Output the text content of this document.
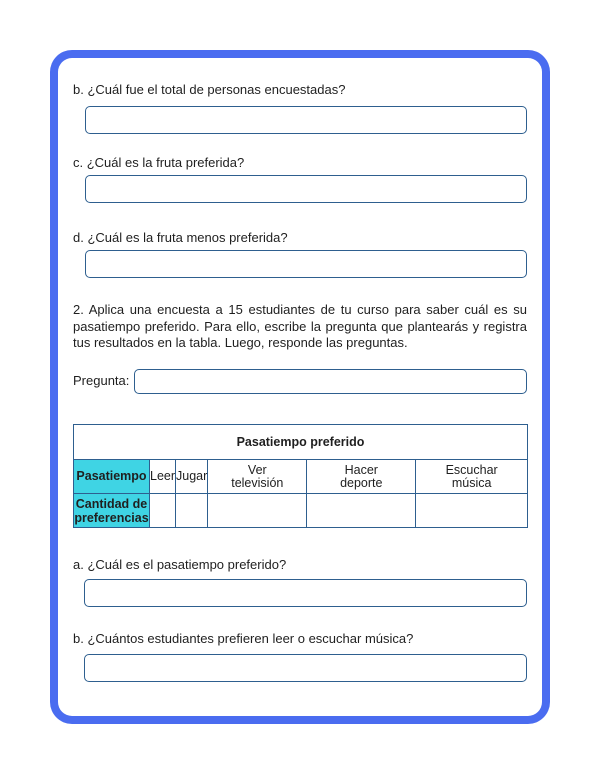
b. ¿Cuál fue el total de personas encuestadas?
c. ¿Cuál es la fruta preferida?
d. ¿Cuál es la fruta menos preferida?
2. Aplica una encuesta a 15 estudiantes de tu curso para saber cuál es su pasatiempo preferido. Para ello, escribe la pregunta que plantearás y registra tus resultados en la tabla. Luego, responde las preguntas.
Pregunta:
Pasatiempo preferido					
Pasatiempo	Leer	Jugar	Ver televisión	Hacer deporte	Escuchar música
Cantidad de preferencias					
a. ¿Cuál es el pasatiempo preferido?
b. ¿Cuántos estudiantes prefieren leer o escuchar música?
